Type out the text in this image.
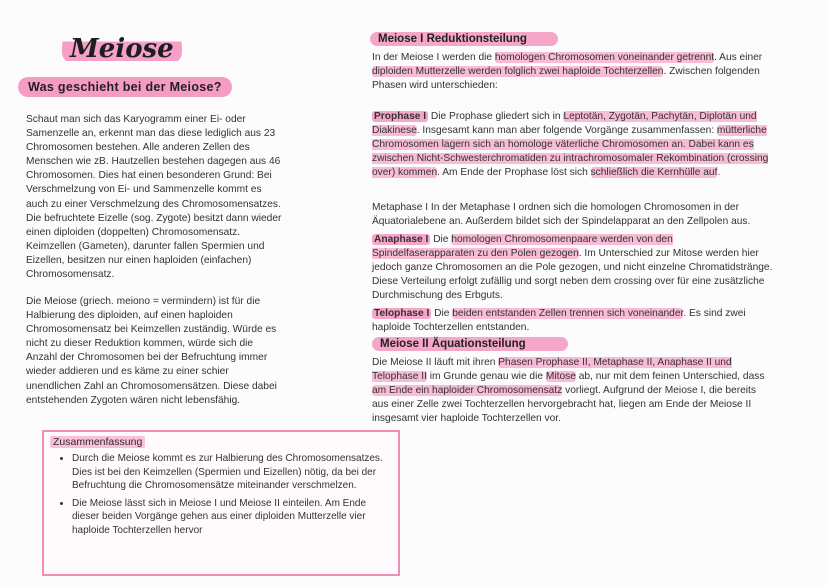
Meiose
Was geschieht bei der Meiose?
Schaut man sich das Karyogramm einer Ei- oder Samenzelle an, erkennt man das diese lediglich aus 23 Chromosomen bestehen. Alle anderen Zellen des Menschen wie zB. Hautzellen bestehen dagegen aus 46 Chromosomen. Dies hat einen besonderen Grund: Bei Verschmelzung von Ei- und Sammenzelle kommt es auch zu einer Verschmelzung des Chromosomensatzes. Die befruchtete Eizelle (sog. Zygote) besitzt dann wieder einen diploiden (doppelten) Chromosomensatz. Keimzellen (Gameten), darunter fallen Spermien und Eizellen, besitzen nur einen haploiden (einfachen) Chromosomensatz.
Die Meiose (griech. meiono = vermindern) ist für die Halbierung des diploiden, auf einen haploiden Chromosomensatz bei Keimzellen zuständig. Würde es nicht zu dieser Reduktion kommen, würde sich die Anzahl der Chromosomen bei der Befruchtung immer wieder addieren und es käme zu einer schier unendlichen Zahl an Chromosomensätzen. Diese dabei entstehenden Zygoten wären nicht lebensfähig.
Meiose I Reduktionsteilung
In der Meiose I werden die homologen Chromosomen voneinander getrennt. Aus einer diploiden Mutterzelle werden folglich zwei haploide Tochterzellen. Zwischen folgenden Phasen wird unterschieden:
Prophase I Die Prophase gliedert sich in Leptotän, Zygotän, Pachytän, Diplotän und Diakinese. Insgesamt kann man aber folgende Vorgänge zusammenfassen: mütterliche Chromosomen lagern sich an homologe väterliche Chromosomen an. Dabei kann es zwischen Nicht-Schwesterchromatiden zu intrachromosomaler Rekombination (crossing over) kommen. Am Ende der Prophase löst sich schließlich die Kernhülle auf.
Metaphase I In der Metaphase I ordnen sich die homologen Chromosomen in der Äquatorialebene an. Außerdem bildet sich der Spindelapparat an den Zellpolen aus.
Anaphase I Die homologen Chromosomenpaare werden von den Spindelfaserapparaten zu den Polen gezogen. Im Unterschied zur Mitose werden hier jedoch ganze Chromosomen an die Pole gezogen, und nicht einzelne Chromatidstränge. Diese Verteilung erfolgt zufällig und sorgt neben dem crossing over für eine zusätzliche Durchmischung des Erbguts.
Telophase I Die beiden entstanden Zellen trennen sich voneinander. Es sind zwei haploide Tochterzellen entstanden.
Meiose II Äquationsteilung
Die Meiose II läuft mit ihren Phasen Prophase II, Metaphase II, Anaphase II und Telophase II im Grunde genau wie die Mitose ab, nur mit dem feinen Unterschied, dass am Ende ein haploider Chromosomensatz vorliegt. Aufgrund der Meiose I, die bereits aus einer Zelle zwei Tochterzellen hervorgebracht hat, liegen am Ende der Meiose II insgesamt vier haploide Tochterzellen vor.
Zusammenfassung
• Durch die Meiose kommt es zur Halbierung des Chromosomensatzes. Dies ist bei den Keimzellen (Spermien und Eizellen) nötig, da bei der Befruchtung die Chromosomensätze miteinander verschmelzen.
• Die Meiose lässt sich in Meiose I und Meiose II einteilen. Am Ende dieser beiden Vorgänge gehen aus einer diploiden Mutterzelle vier haploide Tochterzellen hervor
